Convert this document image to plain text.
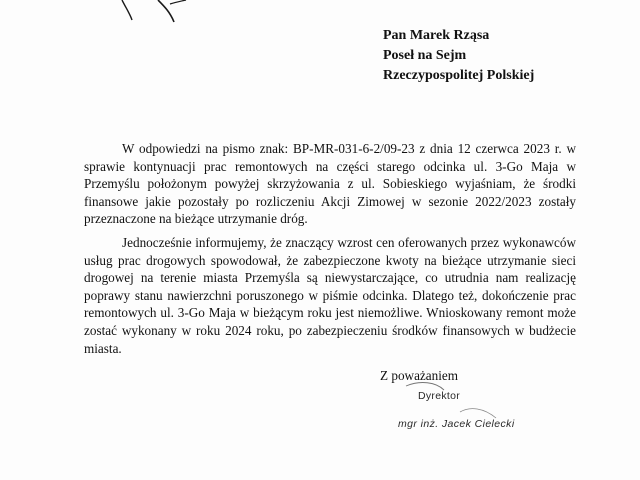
Pan Marek Rząsa
Poseł na Sejm
Rzeczypospolitej Polskiej

W odpowiedzi na pismo znak: BP-MR-031-6-2/09-23 z dnia 12 czerwca 2023 r. w sprawie kontynuacji prac remontowych na części starego odcinka ul. 3-Go Maja w Przemyślu położonym powyżej skrzyżowania z ul. Sobieskiego wyjaśniam, że środki finansowe jakie pozostały po rozliczeniu Akcji Zimowej w sezonie 2022/2023 zostały przeznaczone na bieżące utrzymanie dróg.

Jednocześnie informujemy, że znaczący wzrost cen oferowanych przez wykonawców usług prac drogowych spowodował, że zabezpieczone kwoty na bieżące utrzymanie sieci drogowej na terenie miasta Przemyśla są niewystarczające, co utrudnia nam realizację poprawy stanu nawierzchni poruszonego w piśmie odcinka. Dlatego też, dokończenie prac remontowych ul. 3-Go Maja w bieżącym roku jest niemożliwe. Wnioskowany remont może zostać wykonany w roku 2024 roku, po zabezpieczeniu środków finansowych w budżecie miasta.

Z poważaniem
Dyrektor
mgr inż. Jacek Cielecki
